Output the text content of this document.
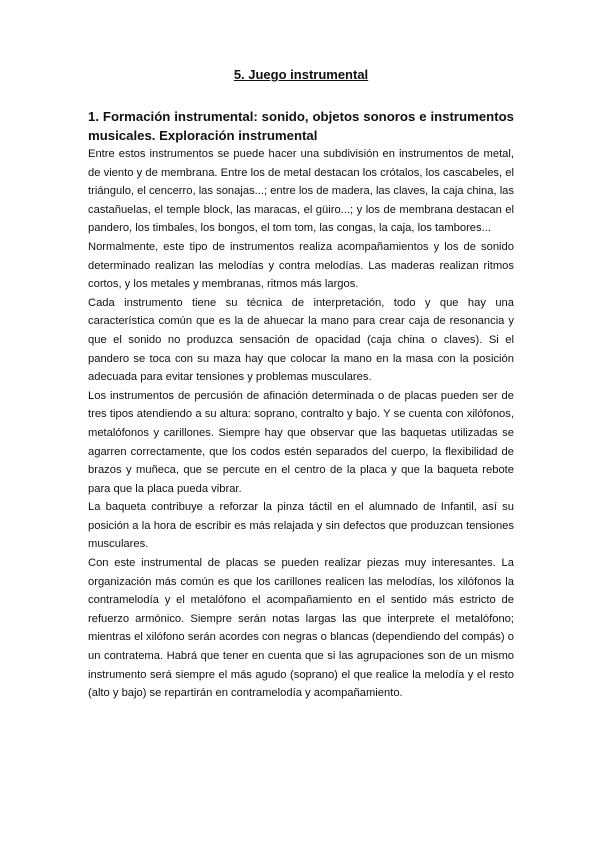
5. Juego instrumental
1. Formación instrumental: sonido, objetos sonoros e instrumentos musicales. Exploración instrumental

Entre estos instrumentos se puede hacer una subdivisión en instrumentos de metal, de viento y de membrana. Entre los de metal destacan los crótalos, los cascabeles, el triángulo, el cencerro, las sonajas...; entre los de madera, las claves, la caja china, las castañuelas, el temple block, las maracas, el güiro...; y los de membrana destacan el pandero, los timbales, los bongos, el tom tom, las congas, la caja, los tambores...

Normalmente, este tipo de instrumentos realiza acompañamientos y los de sonido determinado realizan las melodías y contra melodías. Las maderas realizan ritmos cortos, y los metales y membranas, ritmos más largos.

Cada instrumento tiene su técnica de interpretación, todo y que hay una característica común que es la de ahuecar la mano para crear caja de resonancia y que el sonido no produzca sensación de opacidad (caja china o claves). Si el pandero se toca con su maza hay que colocar la mano en la masa con la posición adecuada para evitar tensiones y problemas musculares.

Los instrumentos de percusión de afinación determinada o de placas pueden ser de tres tipos atendiendo a su altura: soprano, contralto y bajo. Y se cuenta con xilófonos, metalófonos y carillones. Siempre hay que observar que las baquetas utilizadas se agarren correctamente, que los codos estén separados del cuerpo, la flexibilidad de brazos y muñeca, que se percute en el centro de la placa y que la baqueta rebote para que la placa pueda vibrar.

La baqueta contribuye a reforzar la pinza táctil en el alumnado de Infantil, así su posición a la hora de escribir es más relajada y sin defectos que produzcan tensiones musculares.

Con este instrumental de placas se pueden realizar piezas muy interesantes. La organización más común es que los carillones realicen las melodías, los xilófonos la contramelodía y el metalófono el acompañamiento en el sentido más estricto de refuerzo armónico. Siempre serán notas largas las que interprete el metalófono; mientras el xilófono serán acordes con negras o blancas (dependiendo del compás) o un contratema. Habrá que tener en cuenta que si las agrupaciones son de un mismo instrumento será siempre el más agudo (soprano) el que realice la melodía y el resto (alto y bajo) se repartirán en contramelodía y acompañamiento.
